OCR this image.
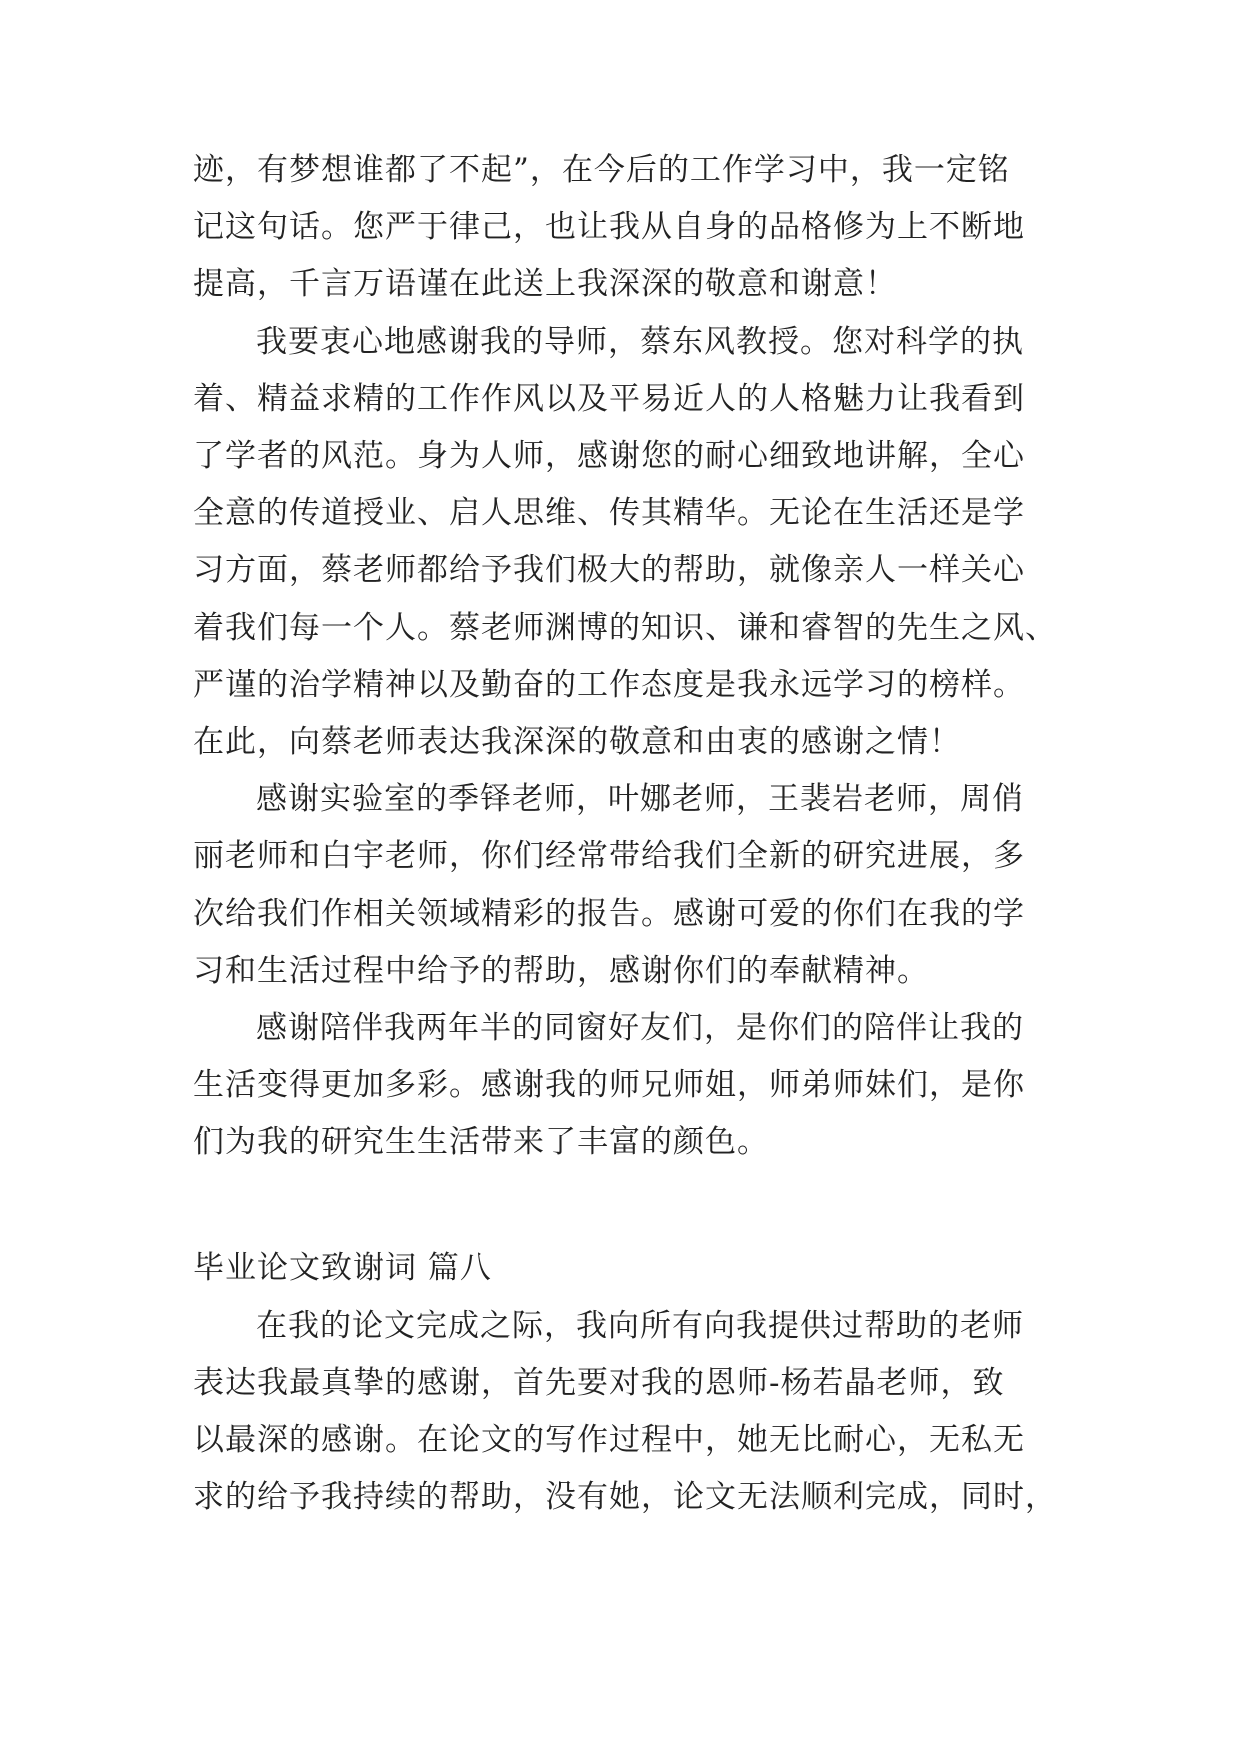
迹，有梦想谁都了不起”，在今后的工作学习中，我一定铭
记这句话。您严于律己，也让我从自身的品格修为上不断地
提高，千言万语谨在此送上我深深的敬意和谢意！
我要衷心地感谢我的导师，蔡东风教授。您对科学的执
着、精益求精的工作作风以及平易近人的人格魅力让我看到
了学者的风范。身为人师，感谢您的耐心细致地讲解，全心
全意的传道授业、启人思维、传其精华。无论在生活还是学
习方面，蔡老师都给予我们极大的帮助，就像亲人一样关心
着我们每一个人。蔡老师渊博的知识、谦和睿智的先生之风、
严谨的治学精神以及勤奋的工作态度是我永远学习的榜样。
在此，向蔡老师表达我深深的敬意和由衷的感谢之情！
感谢实验室的季铎老师，叶娜老师，王裴岩老师，周俏
丽老师和白宇老师，你们经常带给我们全新的研究进展，多
次给我们作相关领域精彩的报告。感谢可爱的你们在我的学
习和生活过程中给予的帮助，感谢你们的奉献精神。
感谢陪伴我两年半的同窗好友们，是你们的陪伴让我的
生活变得更加多彩。感谢我的师兄师姐，师弟师妹们，是你
们为我的研究生生活带来了丰富的颜色。
毕业论文致谢词 篇八
在我的论文完成之际，我向所有向我提供过帮助的老师
表达我最真挚的感谢，首先要对我的恩师-杨若晶老师，致
以最深的感谢。在论文的写作过程中，她无比耐心，无私无
求的给予我持续的帮助，没有她，论文无法顺利完成，同时，
